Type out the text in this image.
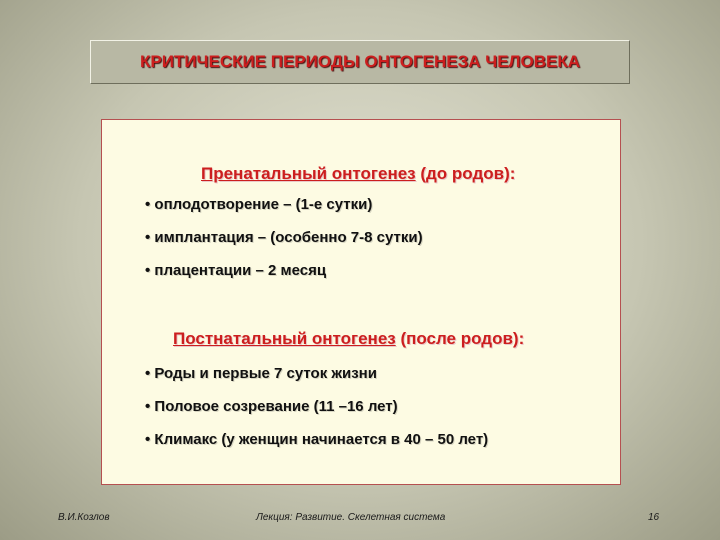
КРИТИЧЕСКИЕ ПЕРИОДЫ ОНТОГЕНЕЗА ЧЕЛОВЕКА
Пренатальный онтогенез (до родов):
• оплодотворение – (1-е сутки)
• имплантация – (особенно 7-8 сутки)
• плацентации – 2 месяц
Постнатальный онтогенез (после родов):
• Роды и первые 7 суток жизни
• Половое созревание (11 –16 лет)
• Климакс (у женщин начинается в 40 – 50 лет)
В.И.Козлов	Лекция: Развитие. Скелетная система	16
